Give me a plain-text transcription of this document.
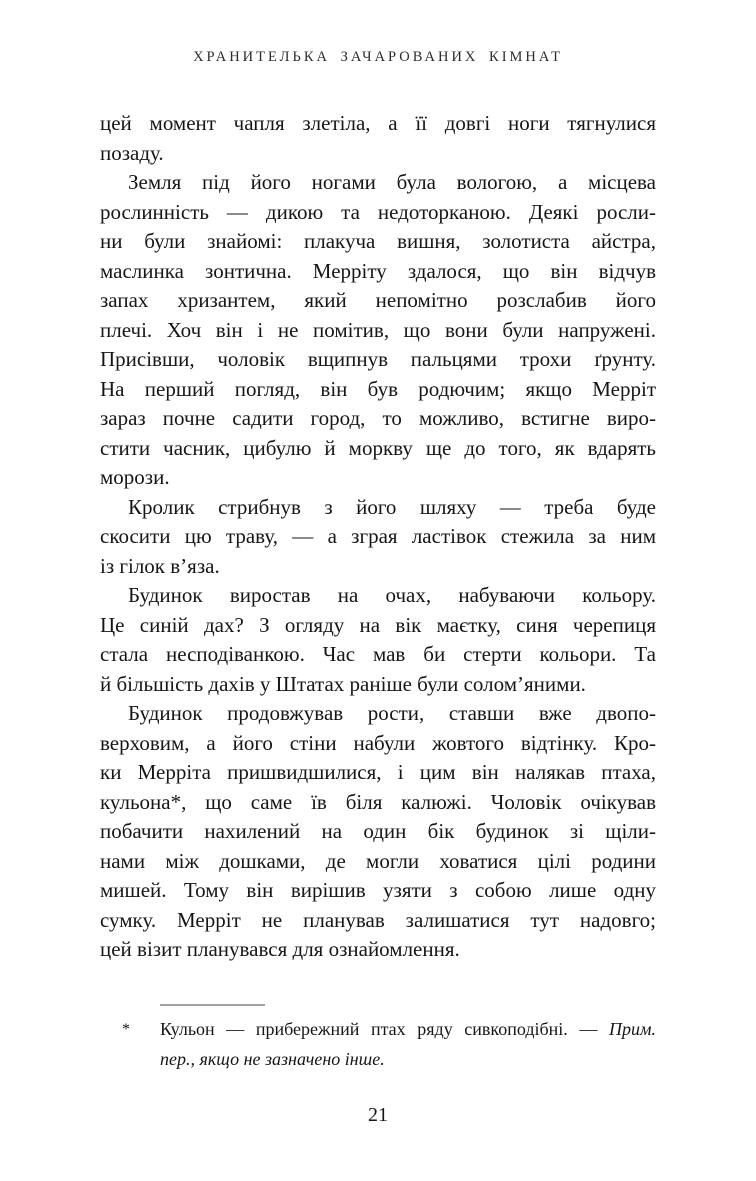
ХРАНИТЕЛЬКА ЗАЧАРОВАНИХ КІМНАТ
цей момент чапля злетіла, а її довгі ноги тягнулися
позаду.
Земля під його ногами була вологою, а місцева
рослинність — дикою та недоторканою. Деякі росли-
ни були знайомі: плакуча вишня, золотиста айстра,
маслинка зонтична. Мерріту здалося, що він відчув
запах хризантем, який непомітно розслабив його
плечі. Хоч він і не помітив, що вони були напружені.
Присівши, чоловік вщипнув пальцями трохи ґрунту.
На перший погляд, він був родючим; якщо Мерріт
зараз почне садити город, то можливо, встигне виро-
стити часник, цибулю й моркву ще до того, як вдарять
морози.
Кролик стрибнув з його шляху — треба буде
скосити цю траву, — а зграя ластівок стежила за ним
із гілок в’яза.
Будинок виростав на очах, набуваючи кольору.
Це синій дах? З огляду на вік маєтку, синя черепиця
стала несподіванкою. Час мав би стерти кольори. Та
й більшість дахів у Штатах раніше були солом’яними.
Будинок продовжував рости, ставши вже двопо-
верховим, а його стіни набули жовтого відтінку. Кро-
ки Мерріта пришвидшилися, і цим він налякав птаха,
кульона*, що саме їв біля калюжі. Чоловік очікував
побачити нахилений на один бік будинок зі щіли-
нами між дошками, де могли ховатися цілі родини
мишей. Тому він вирішив узяти з собою лише одну
сумку. Мерріт не планував залишатися тут надовго;
цей візит планувався для ознайомлення.
* Кульон — прибережний птах ряду сивкоподібні. — Прим.
пер., якщо не зазначено інше.
21
